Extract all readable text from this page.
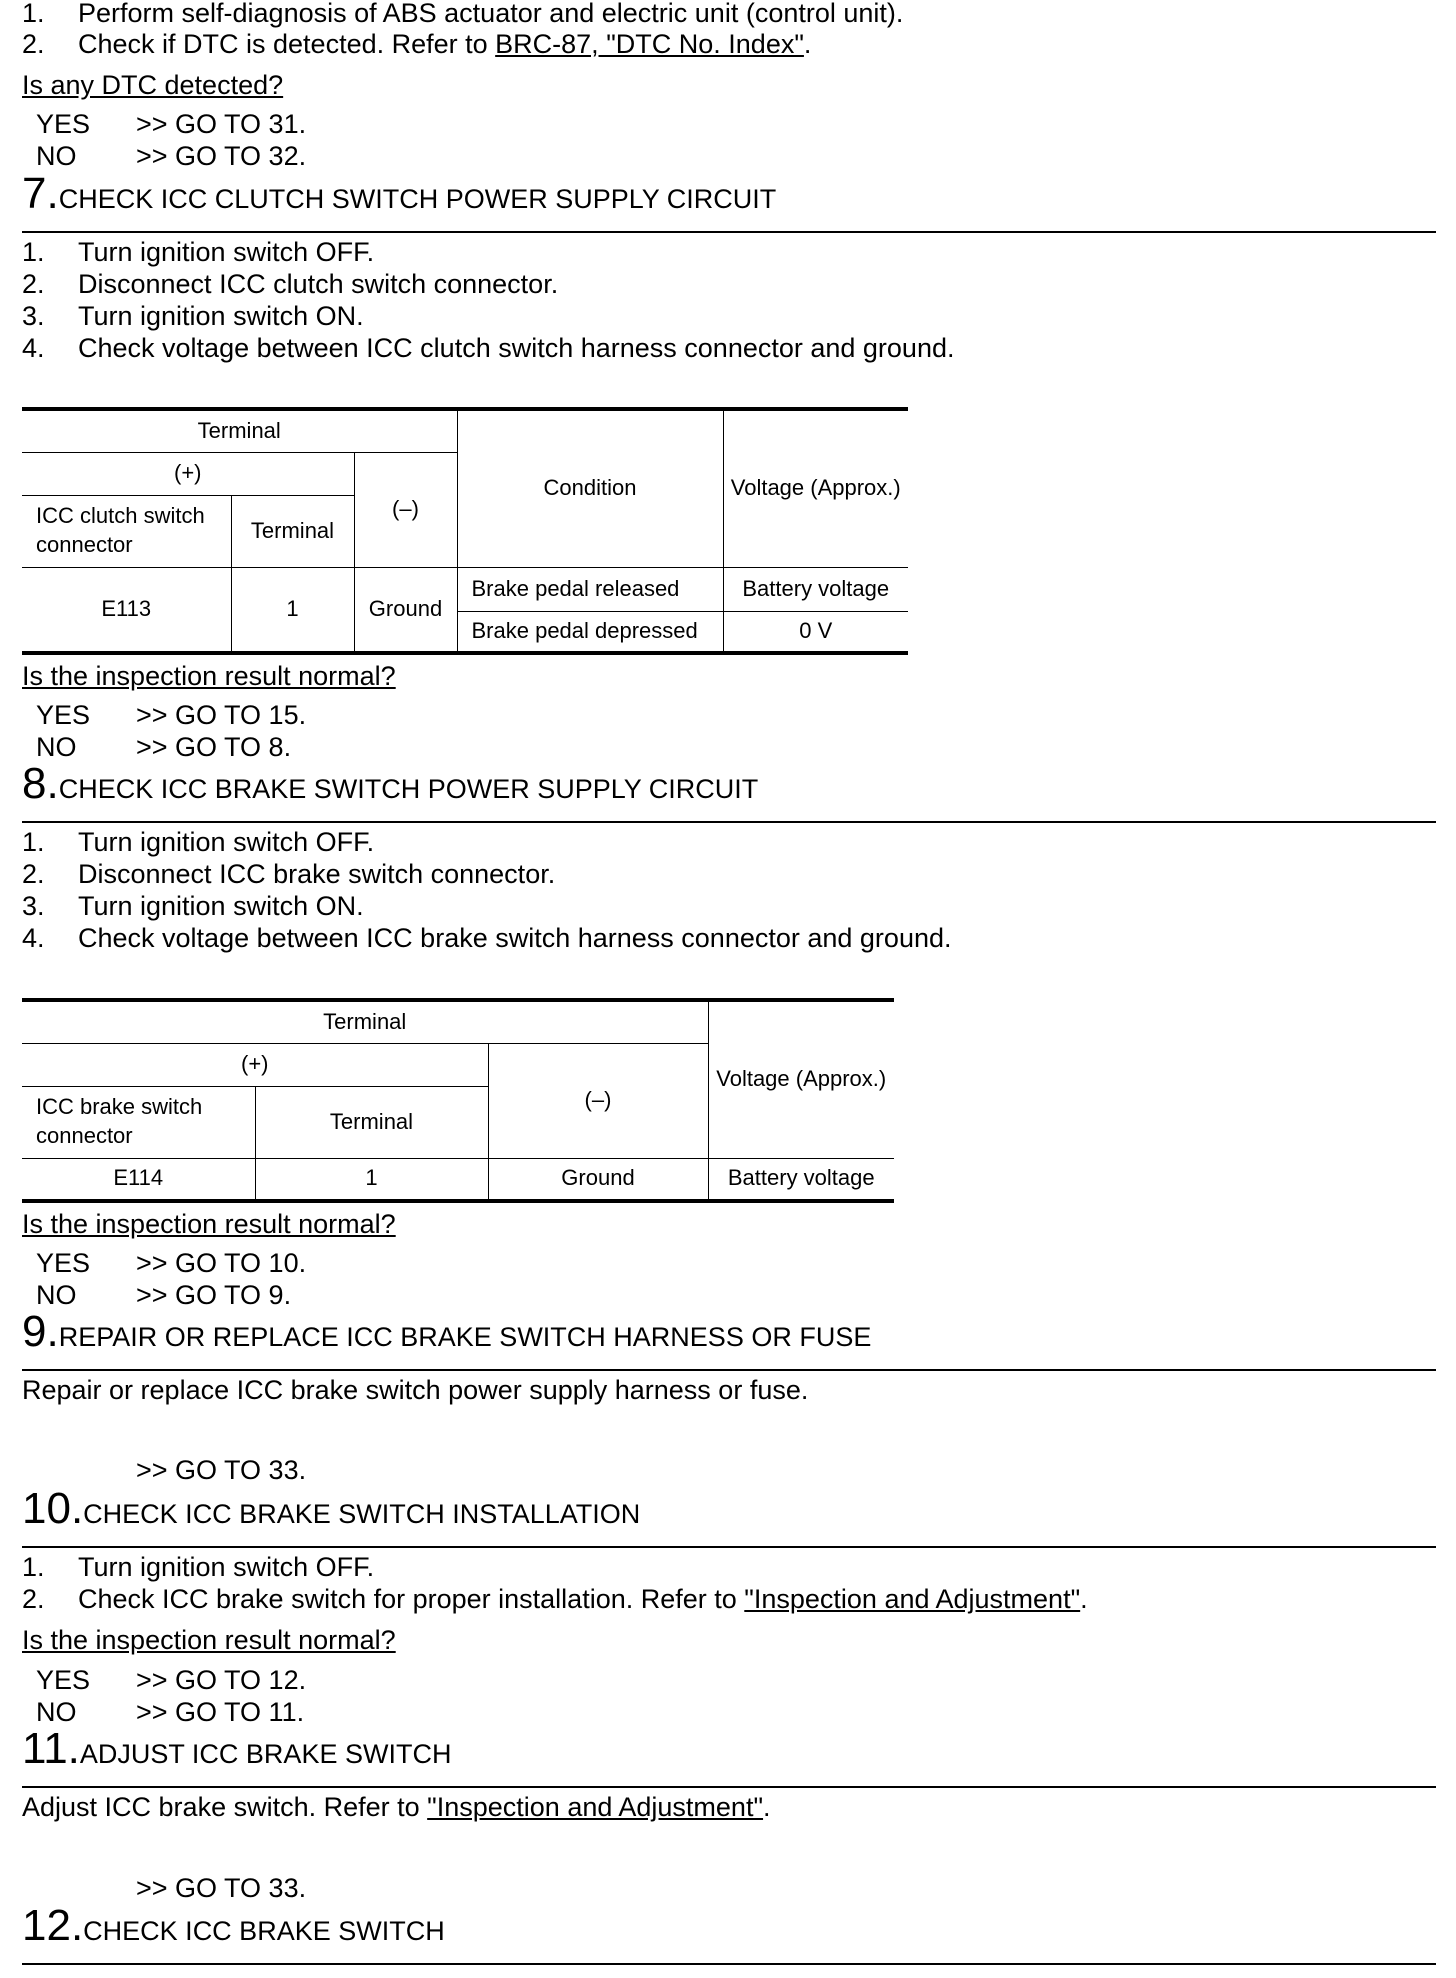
1. Perform self-diagnosis of ABS actuator and electric unit (control unit).
2. Check if DTC is detected. Refer to BRC-87, "DTC No. Index".
Is any DTC detected?
YES >> GO TO 31.
NO >> GO TO 32.
7.CHECK ICC CLUTCH SWITCH POWER SUPPLY CIRCUIT
1. Turn ignition switch OFF.
2. Disconnect ICC clutch switch connector.
3. Turn ignition switch ON.
4. Check voltage between ICC clutch switch harness connector and ground.
Terminal			Condition	Voltage (Approx.)
(+)		(–)		
ICC clutch switch connector	Terminal			
E113	1	Ground	Brake pedal released	Battery voltage
			Brake pedal depressed	0 V
Is the inspection result normal?
YES >> GO TO 15.
NO >> GO TO 8.
8.CHECK ICC BRAKE SWITCH POWER SUPPLY CIRCUIT
1. Turn ignition switch OFF.
2. Disconnect ICC brake switch connector.
3. Turn ignition switch ON.
4. Check voltage between ICC brake switch harness connector and ground.
Terminal			Voltage (Approx.)
(+)		(–)	
ICC brake switch connector	Terminal		
E114	1	Ground	Battery voltage
Is the inspection result normal?
YES >> GO TO 10.
NO >> GO TO 9.
9.REPAIR OR REPLACE ICC BRAKE SWITCH HARNESS OR FUSE
Repair or replace ICC brake switch power supply harness or fuse.
>> GO TO 33.
10.CHECK ICC BRAKE SWITCH INSTALLATION
1. Turn ignition switch OFF.
2. Check ICC brake switch for proper installation. Refer to "Inspection and Adjustment".
Is the inspection result normal?
YES >> GO TO 12.
NO >> GO TO 11.
11.ADJUST ICC BRAKE SWITCH
Adjust ICC brake switch. Refer to "Inspection and Adjustment".
>> GO TO 33.
12.CHECK ICC BRAKE SWITCH
